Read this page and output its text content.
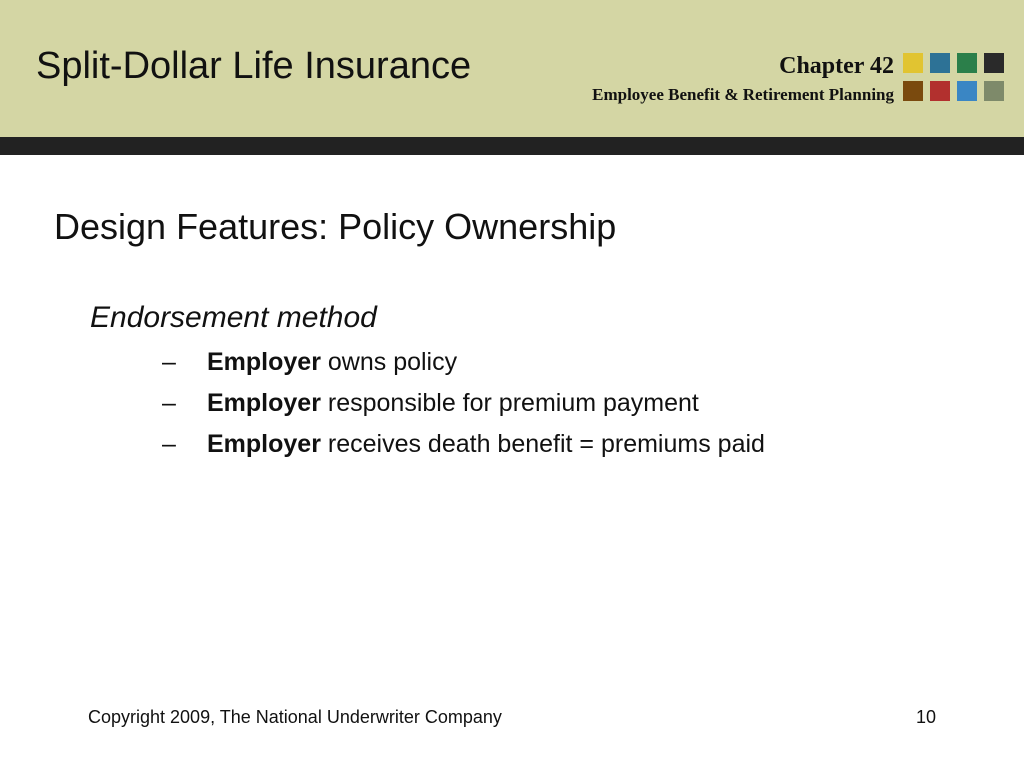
Split-Dollar Life Insurance	Chapter 42
Employee Benefit & Retirement Planning
Design Features: Policy Ownership
Endorsement method
– Employer owns policy
– Employer responsible for premium payment
– Employer receives death benefit = premiums paid
Copyright 2009, The National Underwriter Company	10
